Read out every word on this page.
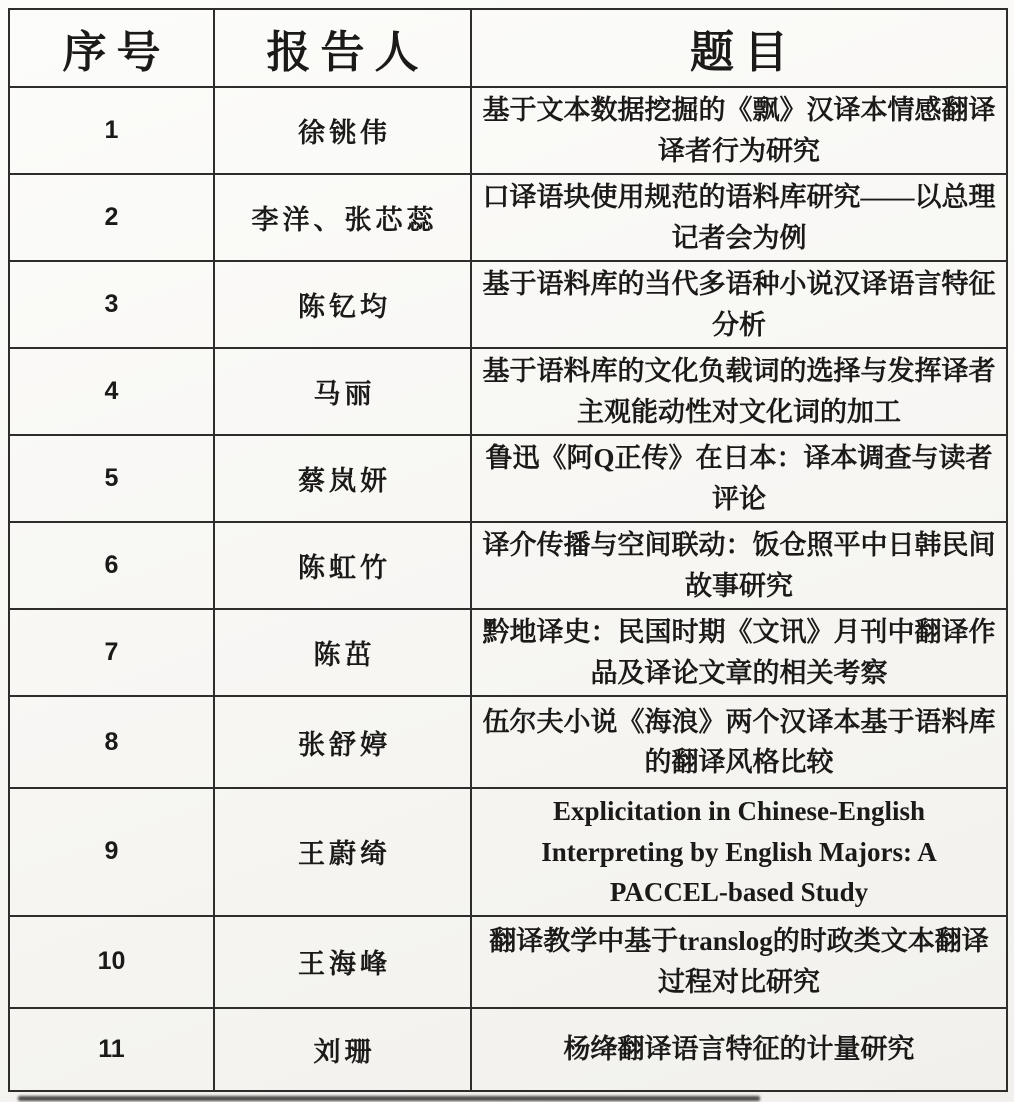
序号	报告人	题目
1	徐铫伟	基于文本数据挖掘的《飘》汉译本情感翻译译者行为研究
2	李洋、张芯蕊	口译语块使用规范的语料库研究——以总理记者会为例
3	陈钇均	基于语料库的当代多语种小说汉译语言特征分析
4	马丽	基于语料库的文化负载词的选择与发挥译者主观能动性对文化词的加工
5	蔡岚妍	鲁迅《阿Q正传》在日本：译本调查与读者评论
6	陈虹竹	译介传播与空间联动：饭仓照平中日韩民间故事研究
7	陈茁	黔地译史：民国时期《文讯》月刊中翻译作品及译论文章的相关考察
8	张舒婷	伍尔夫小说《海浪》两个汉译本基于语料库的翻译风格比较
9	王蔚绮	Explicitation in Chinese-English Interpreting by English Majors: A PACCEL-based Study
10	王海峰	翻译教学中基于translog的时政类文本翻译过程对比研究
11	刘珊	杨绛翻译语言特征的计量研究
